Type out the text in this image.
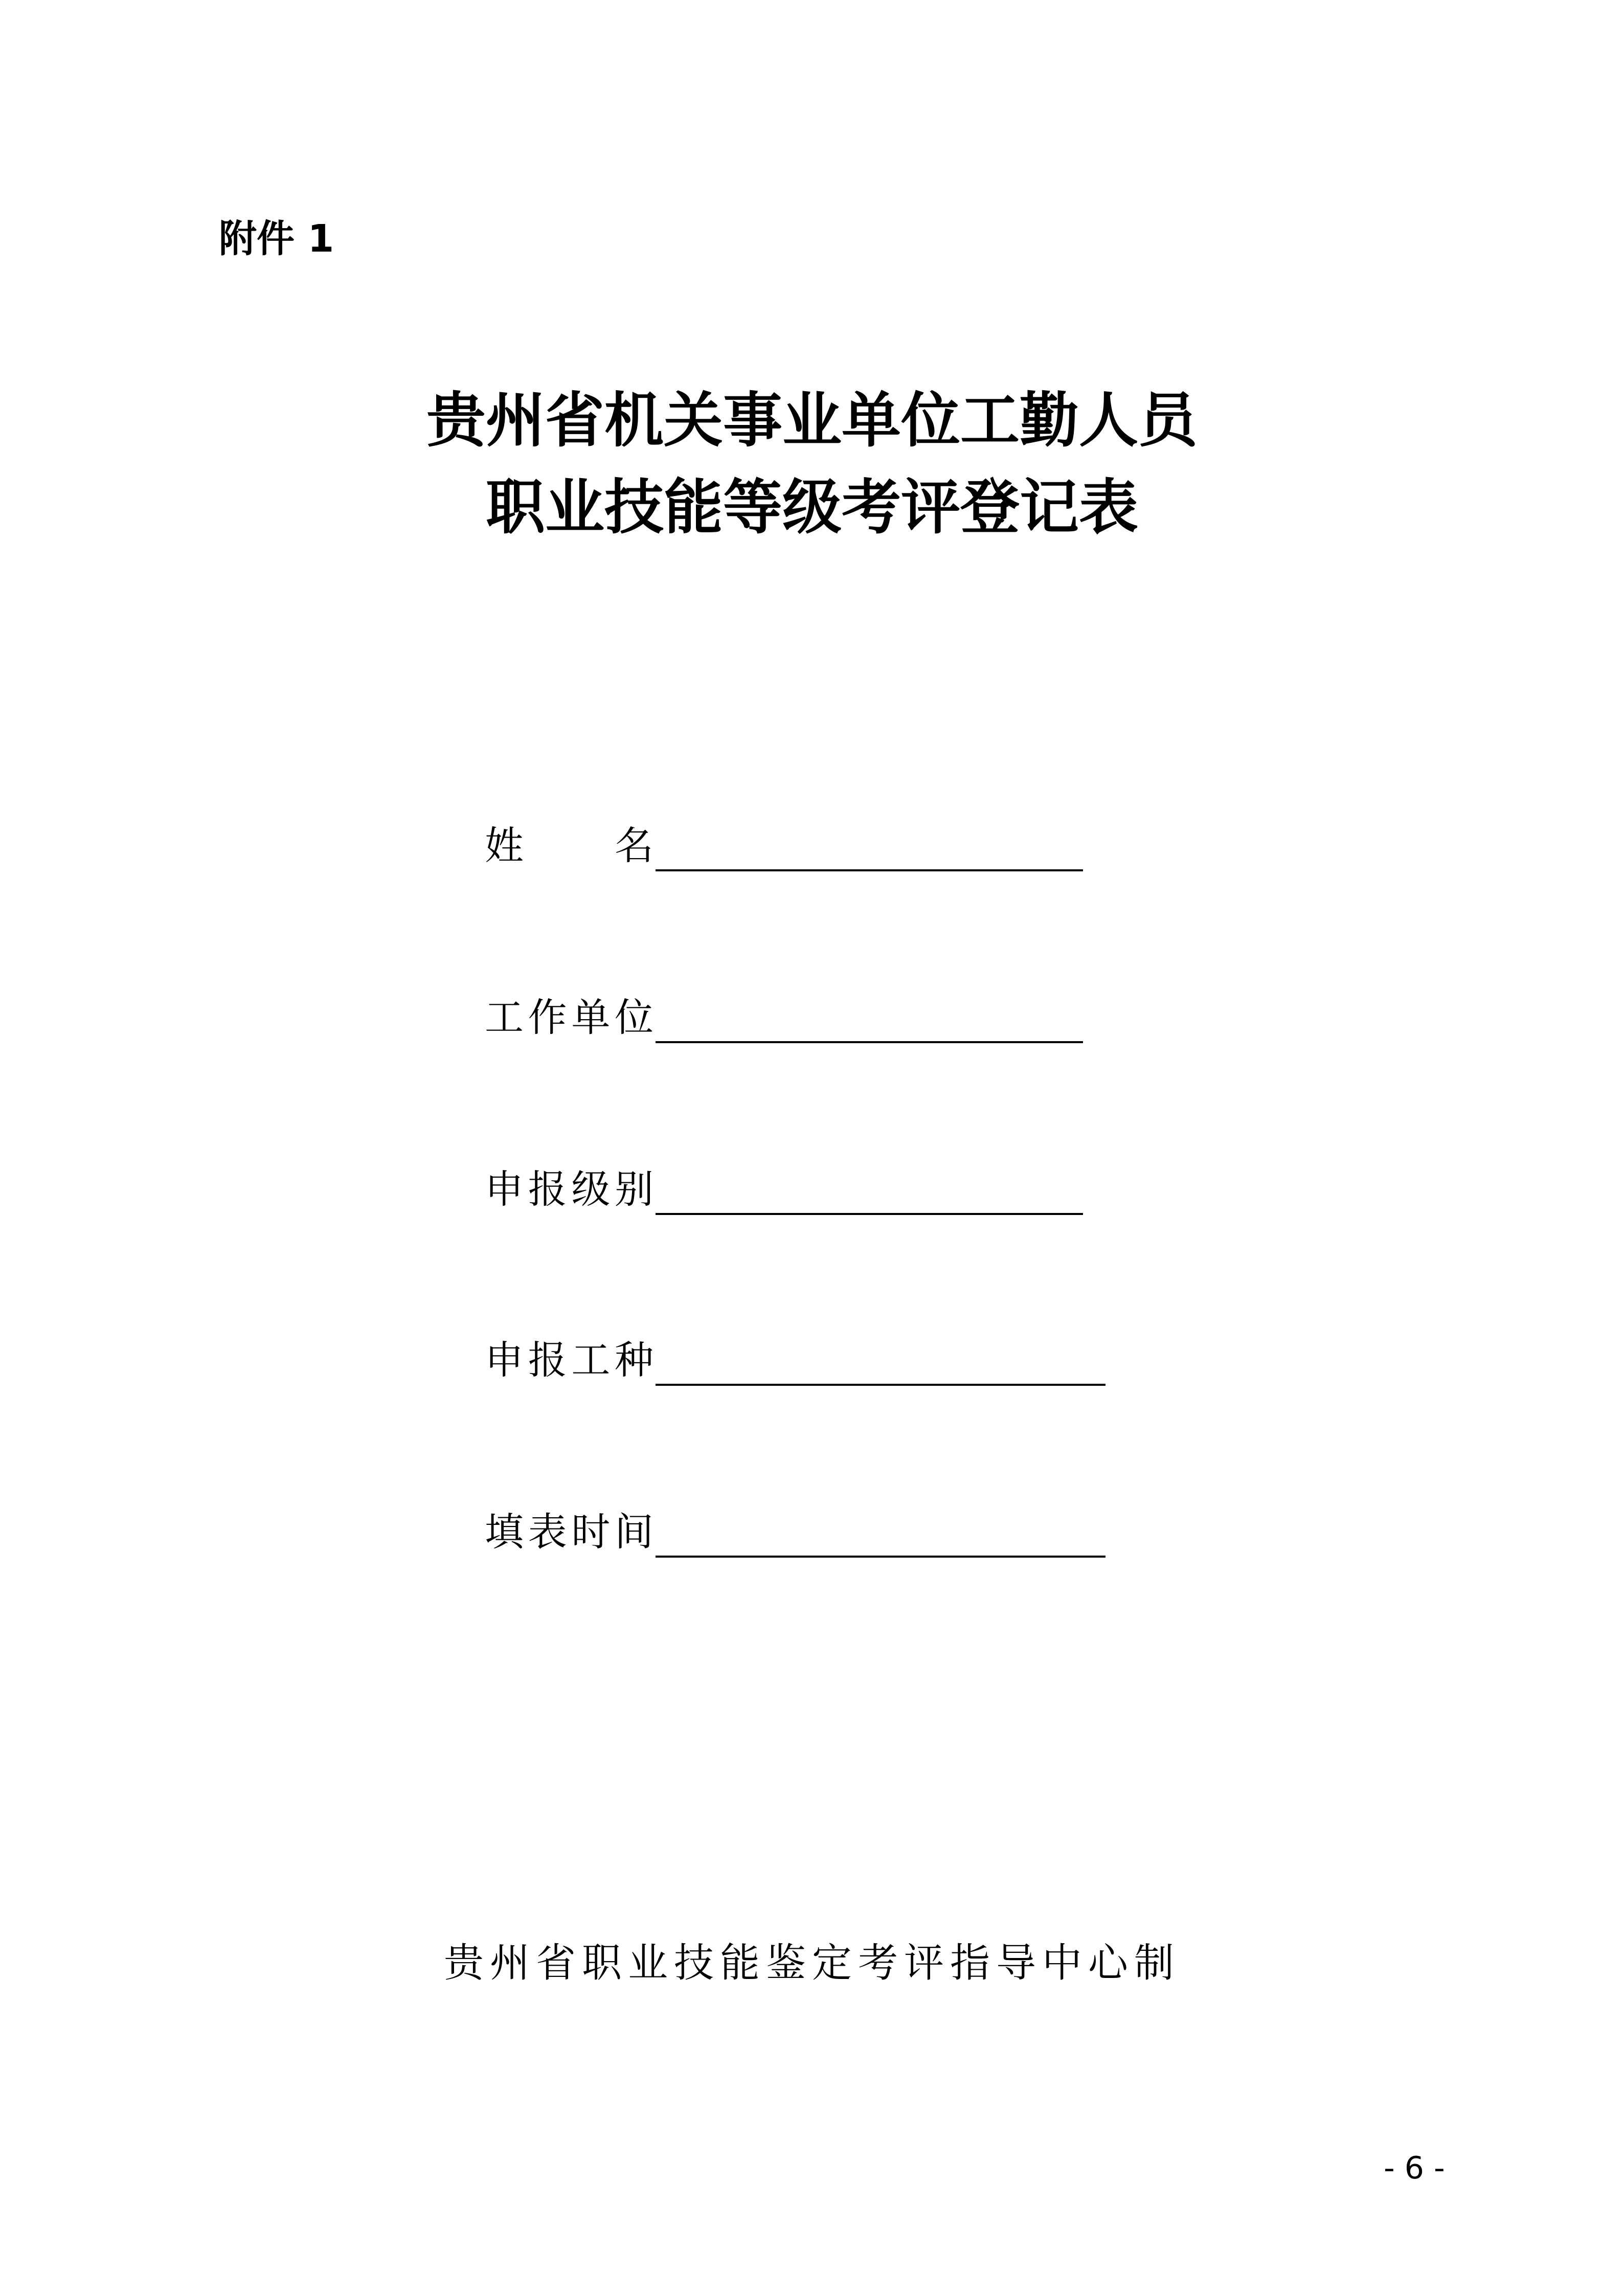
附件 1
贵州省机关事业单位工勤人员
职业技能等级考评登记表
姓 名
工 作 单 位
申 报 级 别
申 报 工 种
填 表 时 间
贵州省职业技能鉴定考评指导中心制
- 6 -
